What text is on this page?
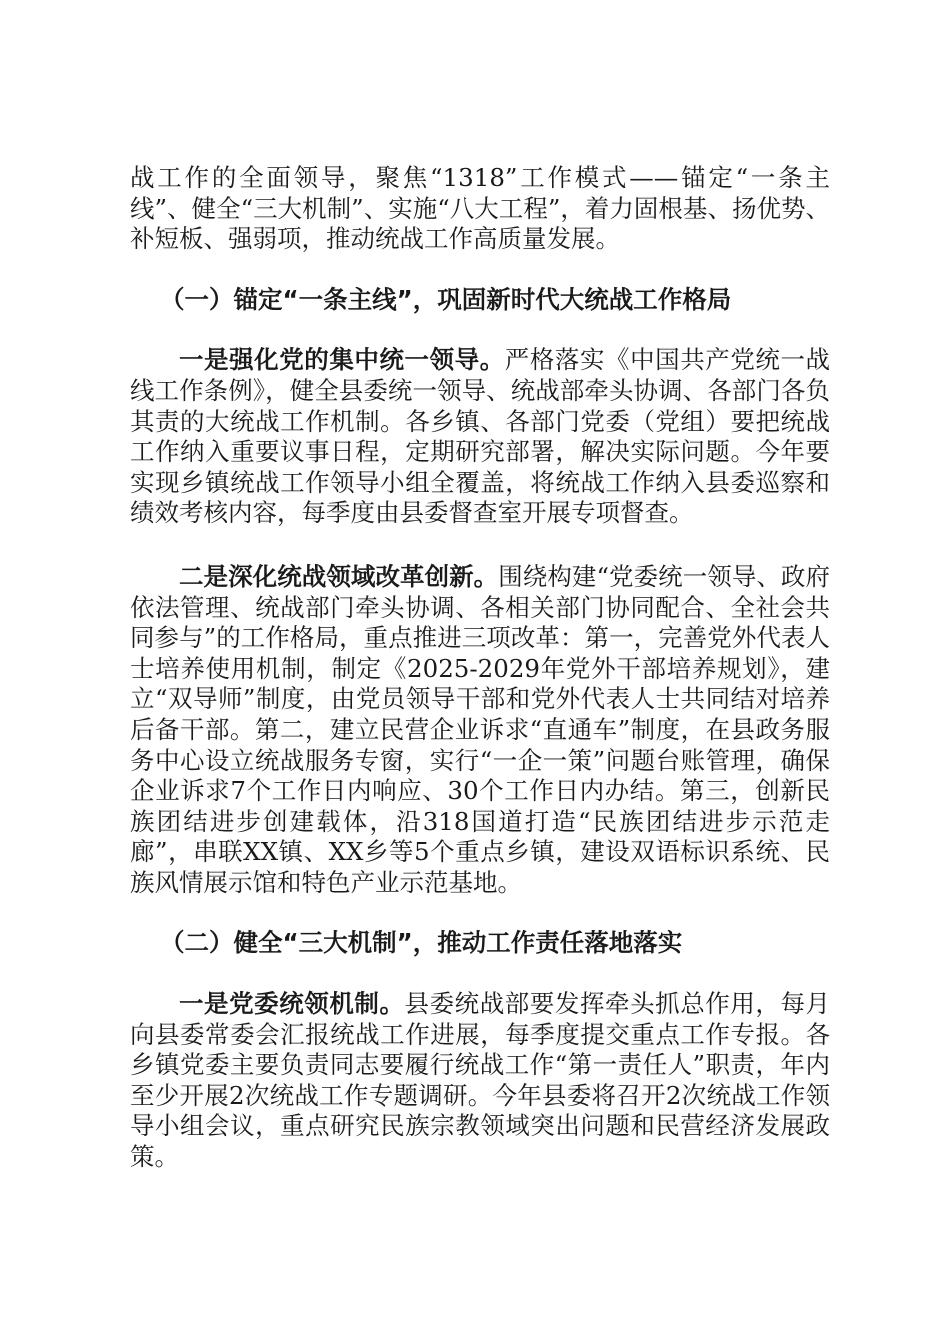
战工作的全面领导，聚焦“1318”工作模式——锚定“一条主线”、健全“三大机制”、实施“八大工程”，着力固根基、扬优势、补短板、强弱项，推动统战工作高质量发展。

（一）锚定“一条主线”，巩固新时代大统战工作格局

一是强化党的集中统一领导。严格落实《中国共产党统一战线工作条例》，健全县委统一领导、统战部牵头协调、各部门各负其责的大统战工作机制。各乡镇、各部门党委（党组）要把统战工作纳入重要议事日程，定期研究部署，解决实际问题。今年要实现乡镇统战工作领导小组全覆盖，将统战工作纳入县委巡察和绩效考核内容，每季度由县委督查室开展专项督查。

二是深化统战领域改革创新。围绕构建“党委统一领导、政府依法管理、统战部门牵头协调、各相关部门协同配合、全社会共同参与”的工作格局，重点推进三项改革：第一，完善党外代表人士培养使用机制，制定《2025-2029年党外干部培养规划》，建立“双导师”制度，由党员领导干部和党外代表人士共同结对培养后备干部。第二，建立民营企业诉求“直通车”制度，在县政务服务中心设立统战服务专窗，实行“一企一策”问题台账管理，确保企业诉求7个工作日内响应、30个工作日内办结。第三，创新民族团结进步创建载体，沿318国道打造“民族团结进步示范走廊”，串联XX镇、XX乡等5个重点乡镇，建设双语标识系统、民族风情展示馆和特色产业示范基地。

（二）健全“三大机制”，推动工作责任落地落实

一是党委统领机制。县委统战部要发挥牵头抓总作用，每月向县委常委会汇报统战工作进展，每季度提交重点工作专报。各乡镇党委主要负责同志要履行统战工作“第一责任人”职责，年内至少开展2次统战工作专题调研。今年县委将召开2次统战工作领导小组会议，重点研究民族宗教领域突出问题和民营经济发展政策。
